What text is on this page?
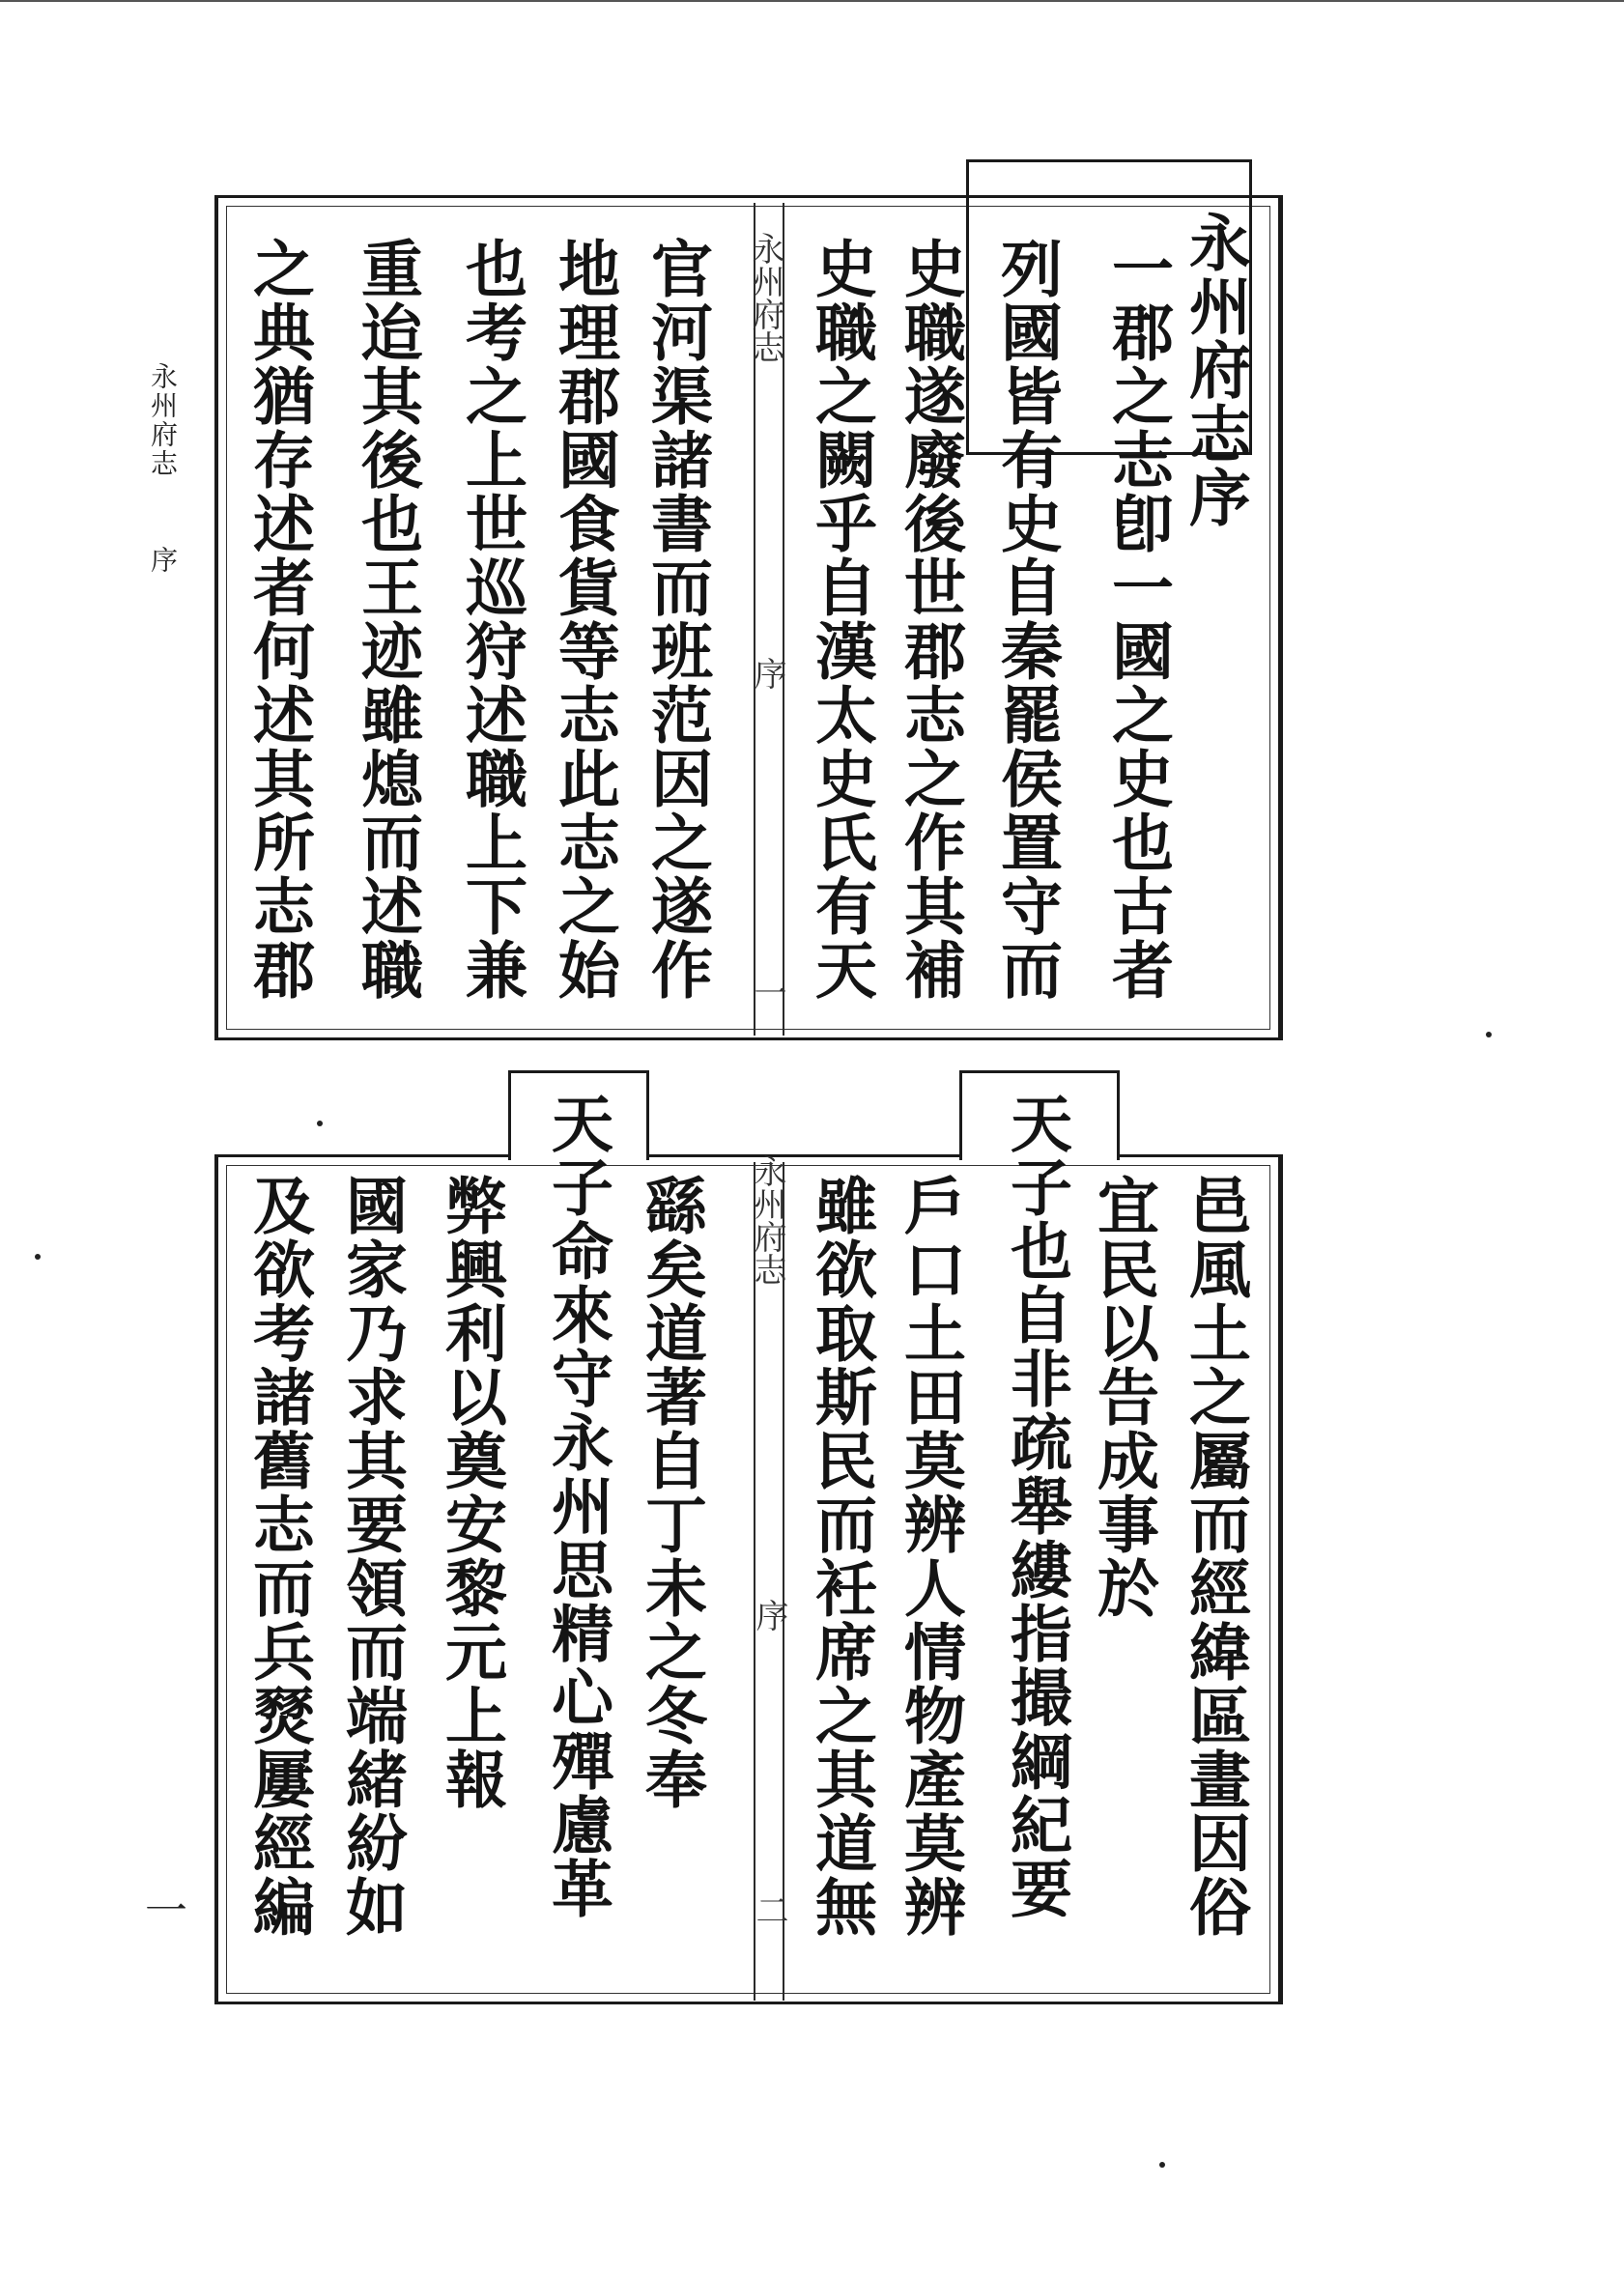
永州府志
序
一
永州府志
序
一
永州府志序
一郡之志卽一國之史也古者
列國皆有史自秦罷侯置守而
史職遂廢後世郡志之作其補
史職之闕乎自漢太史氏有天
官河渠諸書而班范因之遂作
地理郡國食貨等志此志之始
也考之上世巡狩述職上下兼
重迨其後也王迹雖熄而述職
之典猶存述者何述其所志郡
永州府志
序
二	邑風土之屬而經緯區畫因俗
宜民以告成事於
天子也自非疏舉縷指撮綱紀要
戶口土田莫辨人情物產莫辨
雖欲取斯民而衽席之其道無
繇矣道著自丁未之冬奉
天子命來守永州思精心殫慮革
弊興利以奠安黎元上報
國家乃求其要領而端緒紛如
及欲考諸舊志而兵燹屢經編
